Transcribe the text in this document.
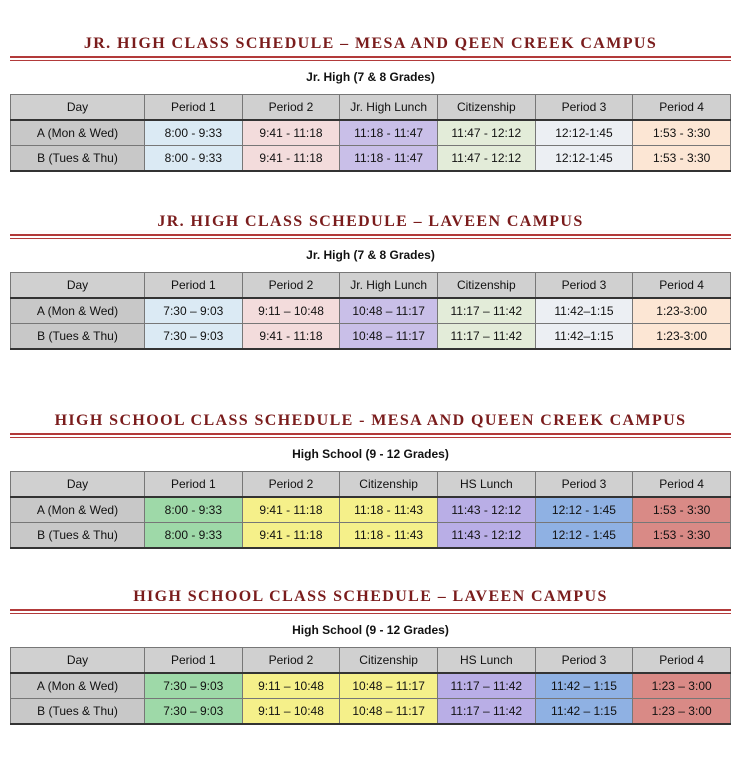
JR. HIGH CLASS SCHEDULE – MESA AND QEEN CREEK CAMPUS
Jr. High (7 & 8 Grades)
Day	Period 1	Period 2	Jr. High Lunch	Citizenship	Period 3	Period 4
A (Mon & Wed)	8:00 - 9:33	9:41 - 11:18	11:18 - 11:47	11:47 - 12:12	12:12-1:45	1:53 - 3:30
B (Tues & Thu)	8:00 - 9:33	9:41 - 11:18	11:18 - 11:47	11:47 - 12:12	12:12-1:45	1:53 - 3:30
JR. HIGH CLASS SCHEDULE – LAVEEN CAMPUS
Jr. High (7 & 8 Grades)
Day	Period 1	Period 2	Jr. High Lunch	Citizenship	Period 3	Period 4
A (Mon & Wed)	7:30 – 9:03	9:11 – 10:48	10:48 – 11:17	11:17 – 11:42	11:42–1:15	1:23-3:00
B (Tues & Thu)	7:30 – 9:03	9:41 - 11:18	10:48 – 11:17	11:17 – 11:42	11:42–1:15	1:23-3:00
HIGH SCHOOL CLASS SCHEDULE - MESA AND QUEEN CREEK CAMPUS
High School (9 - 12 Grades)
Day	Period 1	Period 2	Citizenship	HS Lunch	Period 3	Period 4
A (Mon & Wed)	8:00 - 9:33	9:41 - 11:18	11:18 - 11:43	11:43 - 12:12	12:12 - 1:45	1:53 - 3:30
B (Tues & Thu)	8:00 - 9:33	9:41 - 11:18	11:18 - 11:43	11:43 - 12:12	12:12 - 1:45	1:53 - 3:30
HIGH SCHOOL CLASS SCHEDULE – LAVEEN CAMPUS
High School (9 - 12 Grades)
Day	Period 1	Period 2	Citizenship	HS Lunch	Period 3	Period 4
A (Mon & Wed)	7:30 – 9:03	9:11 – 10:48	10:48 – 11:17	11:17 – 11:42	11:42 – 1:15	1:23 – 3:00
B (Tues & Thu)	7:30 – 9:03	9:11 – 10:48	10:48 – 11:17	11:17 – 11:42	11:42 – 1:15	1:23 – 3:00
